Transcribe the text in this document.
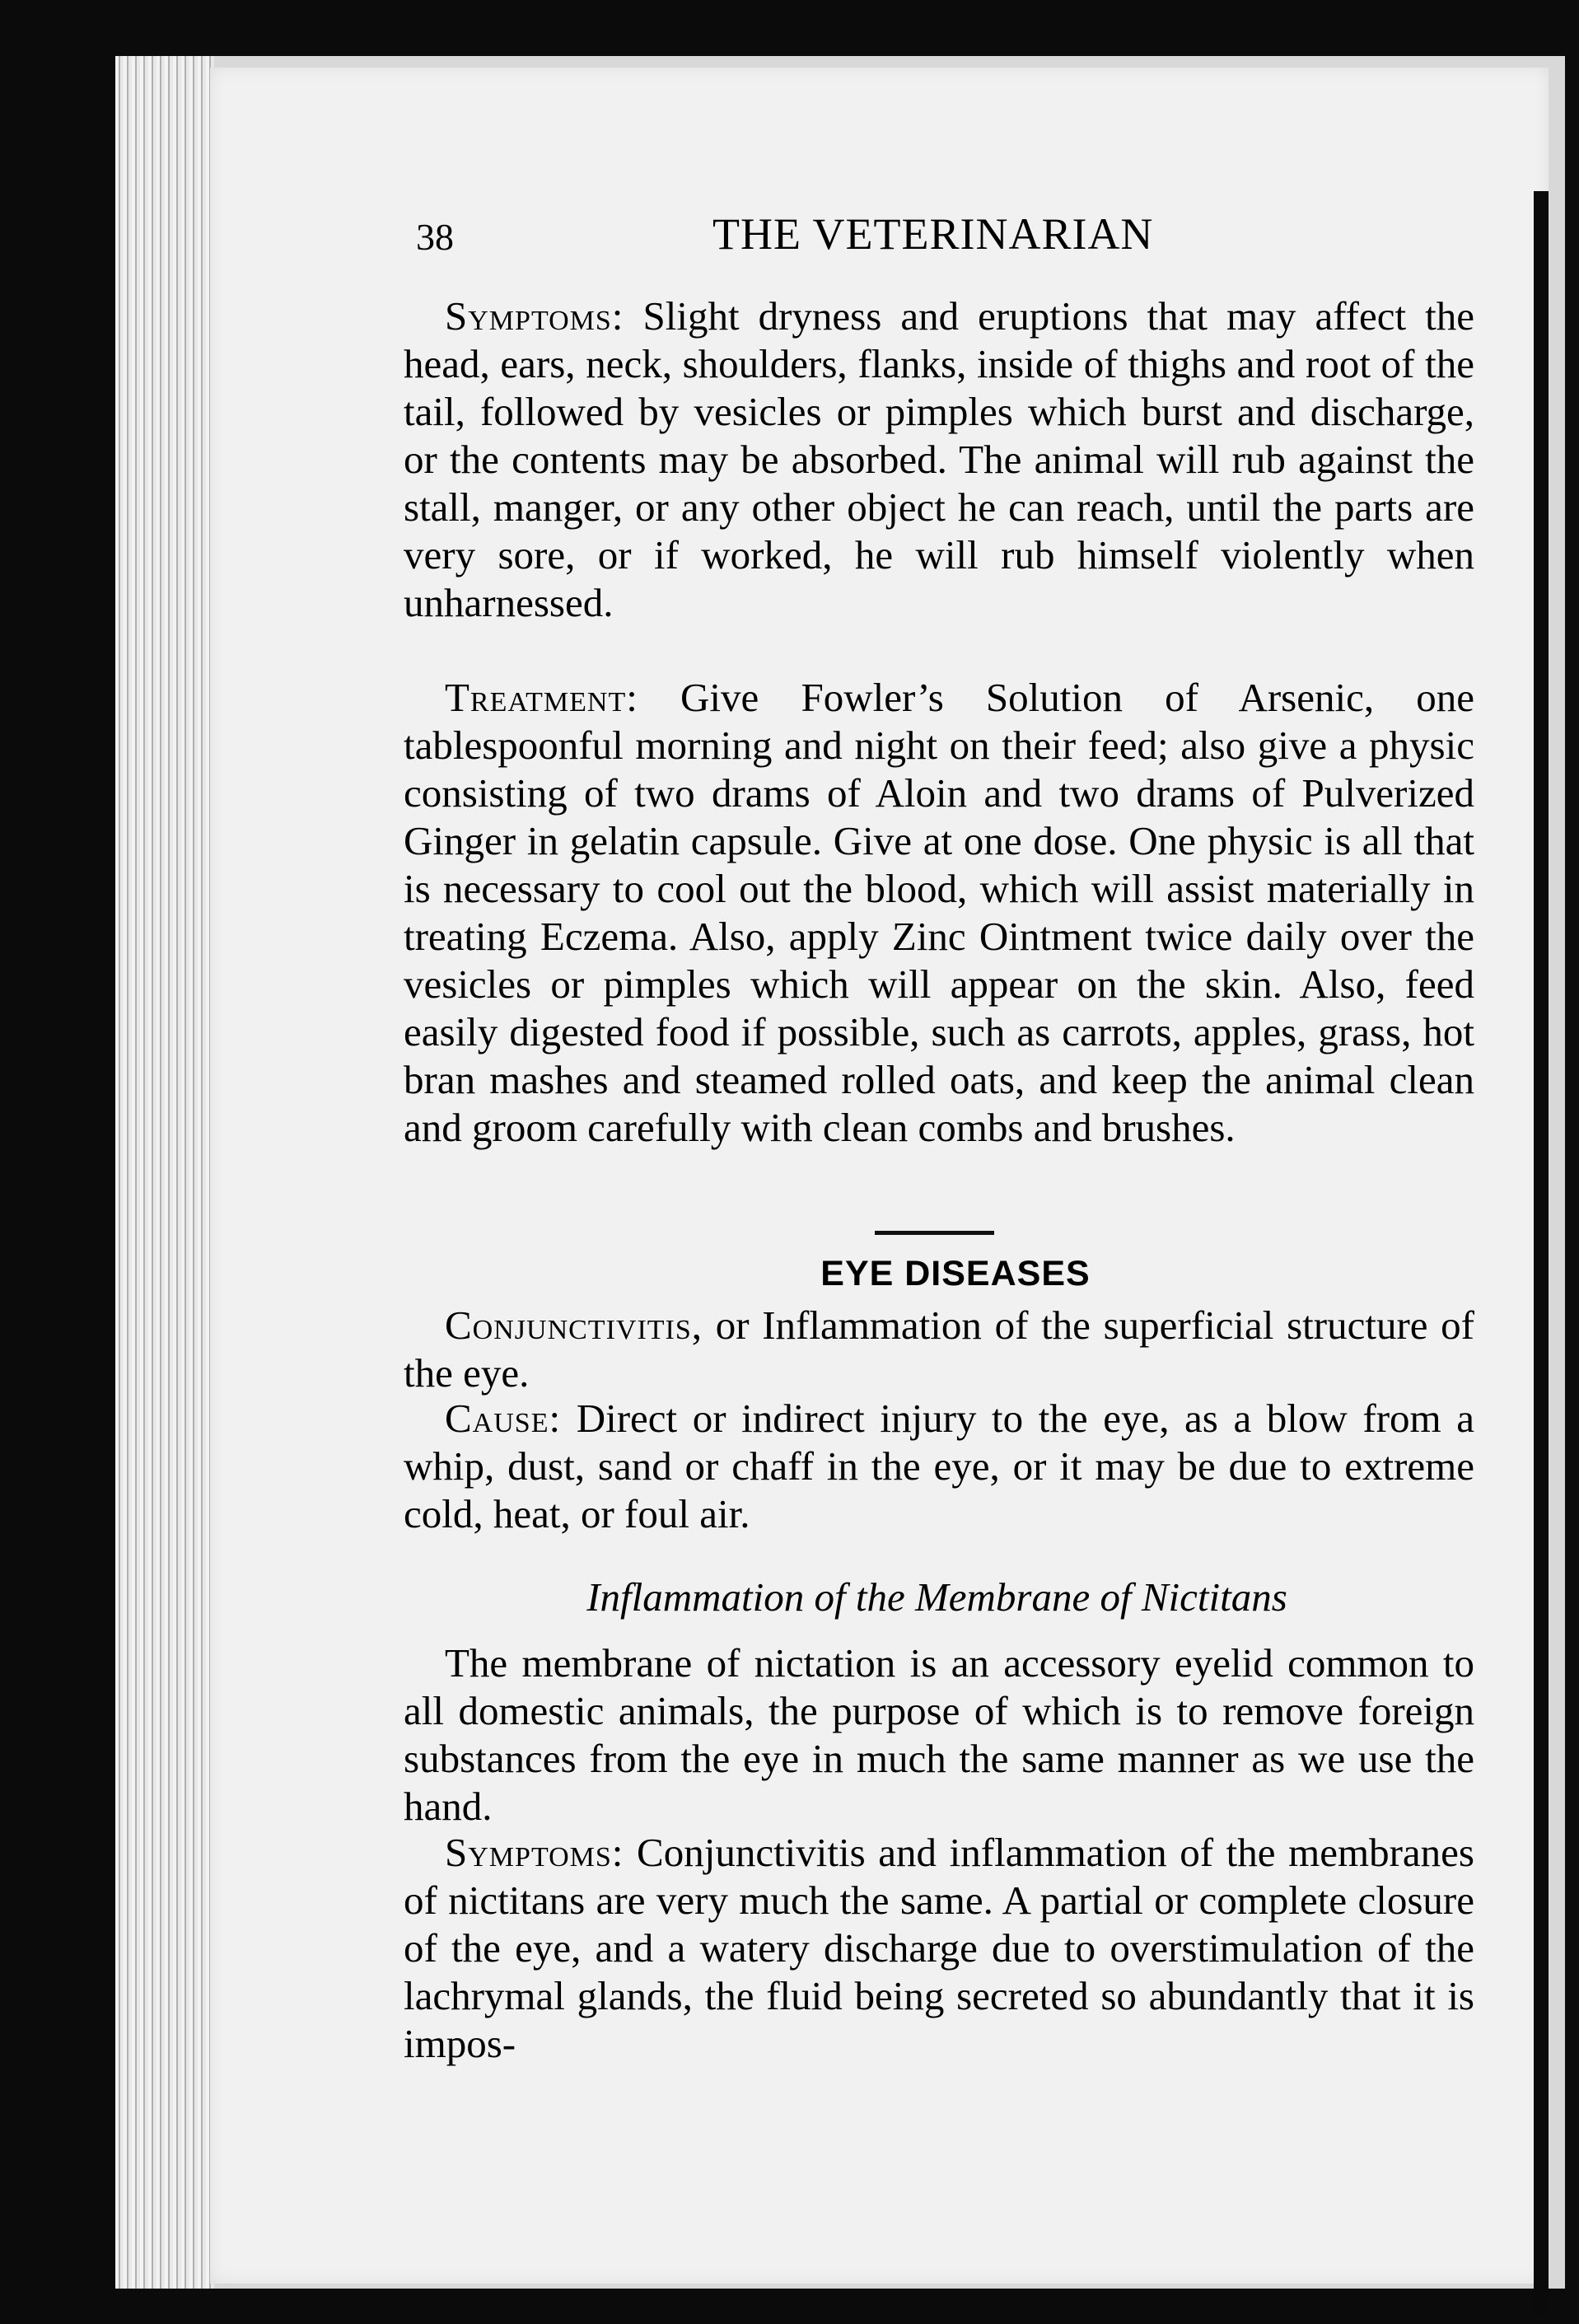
38	THE VETERINARIAN
Symptoms: Slight dryness and eruptions that may affect the head, ears, neck, shoulders, flanks, inside of thighs and root of the tail, followed by vesicles or pimples which burst and discharge, or the contents may be absorbed. The animal will rub against the stall, manger, or any other object he can reach, until the parts are very sore, or if worked, he will rub himself violently when unharnessed.
Treatment: Give Fowler’s Solution of Arsenic, one tablespoonful morning and night on their feed; also give a physic consisting of two drams of Aloin and two drams of Pulverized Ginger in gelatin capsule. Give at one dose. One physic is all that is necessary to cool out the blood, which will assist materially in treating Eczema. Also, apply Zinc Ointment twice daily over the vesicles or pimples which will appear on the skin. Also, feed easily digested food if possible, such as carrots, apples, grass, hot bran mashes and steamed rolled oats, and keep the animal clean and groom carefully with clean combs and brushes.
EYE DISEASES
Conjunctivitis, or Inflammation of the superficial structure of the eye.
Cause: Direct or indirect injury to the eye, as a blow from a whip, dust, sand or chaff in the eye, or it may be due to extreme cold, heat, or foul air.
Inflammation of the Membrane of Nictitans
The membrane of nictation is an accessory eyelid common to all domestic animals, the purpose of which is to remove foreign substances from the eye in much the same manner as we use the hand.
Symptoms: Conjunctivitis and inflammation of the membranes of nictitans are very much the same. A partial or complete closure of the eye, and a watery discharge due to overstimulation of the lachrymal glands, the fluid being secreted so abundantly that it is impos-
